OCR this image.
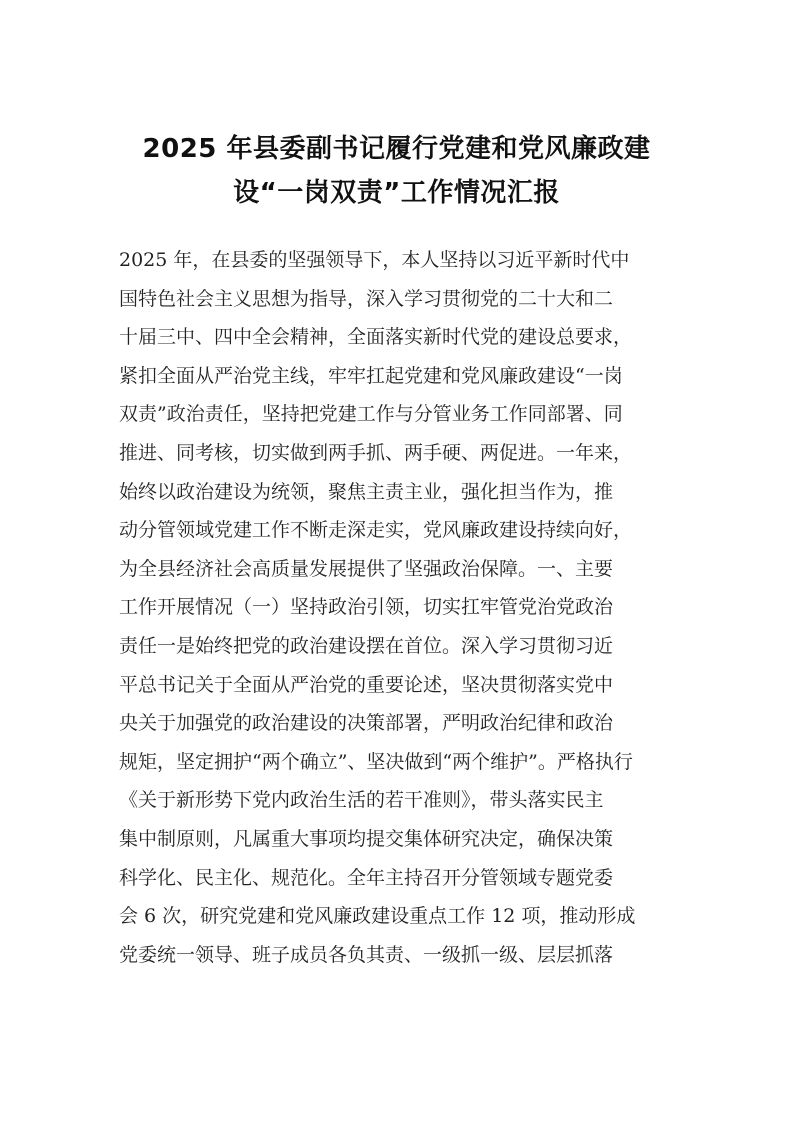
2025 年县委副书记履行党建和党风廉政建
设“一岗双责”工作情况汇报
2025 年，在县委的坚强领导下，本人坚持以习近平新时代中
国特色社会主义思想为指导，深入学习贯彻党的二十大和二
十届三中、四中全会精神，全面落实新时代党的建设总要求，
紧扣全面从严治党主线，牢牢扛起党建和党风廉政建设“一岗
双责”政治责任，坚持把党建工作与分管业务工作同部署、同
推进、同考核，切实做到两手抓、两手硬、两促进。一年来，
始终以政治建设为统领，聚焦主责主业，强化担当作为，推
动分管领域党建工作不断走深走实，党风廉政建设持续向好，
为全县经济社会高质量发展提供了坚强政治保障。一、主要
工作开展情况（一）坚持政治引领，切实扛牢管党治党政治
责任一是始终把党的政治建设摆在首位。深入学习贯彻习近
平总书记关于全面从严治党的重要论述，坚决贯彻落实党中
央关于加强党的政治建设的决策部署，严明政治纪律和政治
规矩，坚定拥护“两个确立”、坚决做到“两个维护”。严格执行
《关于新形势下党内政治生活的若干准则》，带头落实民主
集中制原则，凡属重大事项均提交集体研究决定，确保决策
科学化、民主化、规范化。全年主持召开分管领域专题党委
会 6 次，研究党建和党风廉政建设重点工作 12 项，推动形成
党委统一领导、班子成员各负其责、一级抓一级、层层抓落
